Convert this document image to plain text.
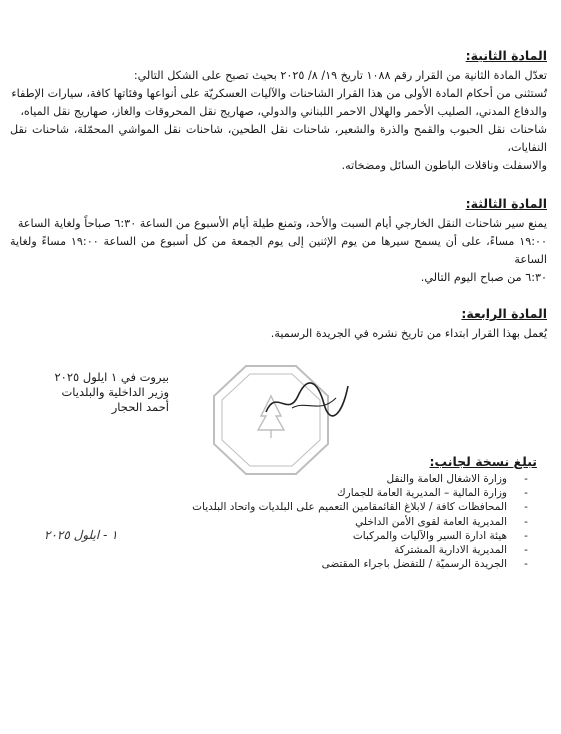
المادة الثانية:

تعدّل المادة الثانية من القرار رقم ١٠٨٨ تاريخ ١٩/ ٨/ ٢٠٢٥ بحيث تصبح على الشكل التالي:
تُستثنى من أحكام المادة الأولى من هذا القرار الشاحنات والآليات العسكريّة على أنواعها وفئاتها كافة، سيارات الإطفاء
والدفاع المدني، الصليب الأحمر والهلال الاحمر اللبناني والدولي، صهاريج نقل المحروقات والغاز، صهاريج نقل المياه،
شاحنات نقل الحبوب والقمح والذرة والشعير، شاحنات نقل الطحين، شاحنات نقل المواشي المحمّلة، شاحنات نقل النفايات،
والاسفلت وناقلات الباطون السائل ومضخاته.

المادة الثالثة:

يمنع سير شاحنات النقل الخارجي أيام السبت والأحد، وتمنع طيلة أيام الأسبوع من الساعة ٦:٣٠ صباحاً ولغاية الساعة
١٩:٠٠ مساءً، على أن يسمح سيرها من يوم الإثنين إلى يوم الجمعة من كل أسبوع من الساعة ١٩:٠٠ مساءً ولغاية الساعة
٦:٣٠ من صباح اليوم التالي.

المادة الرابعة:

يُعمل بهذا القرار ابتداء من تاريخ نشره في الجريدة الرسمية.

بيروت في ١ ايلول ٢٠٢٥
وزير الداخلية والبلديات
أحمد الحجار
تبلغ نسخة لجانب:
-
وزارة الاشغال العامة والنقل
-
وزارة المالية – المديرية العامة للجمارك
-
المحافظات كافة / لابلاغ القائمقامين التعميم على البلديات واتحاد البلديات
-
المديرية العامة لقوى الأمن الداخلي
-
هيئة ادارة السير والآليات والمركبات
-
المديرية الادارية المشتركة
-
الجريدة الرسميّة / للتفضل باجراء المقتضى
١ - ايلول ٢٠٢٥
